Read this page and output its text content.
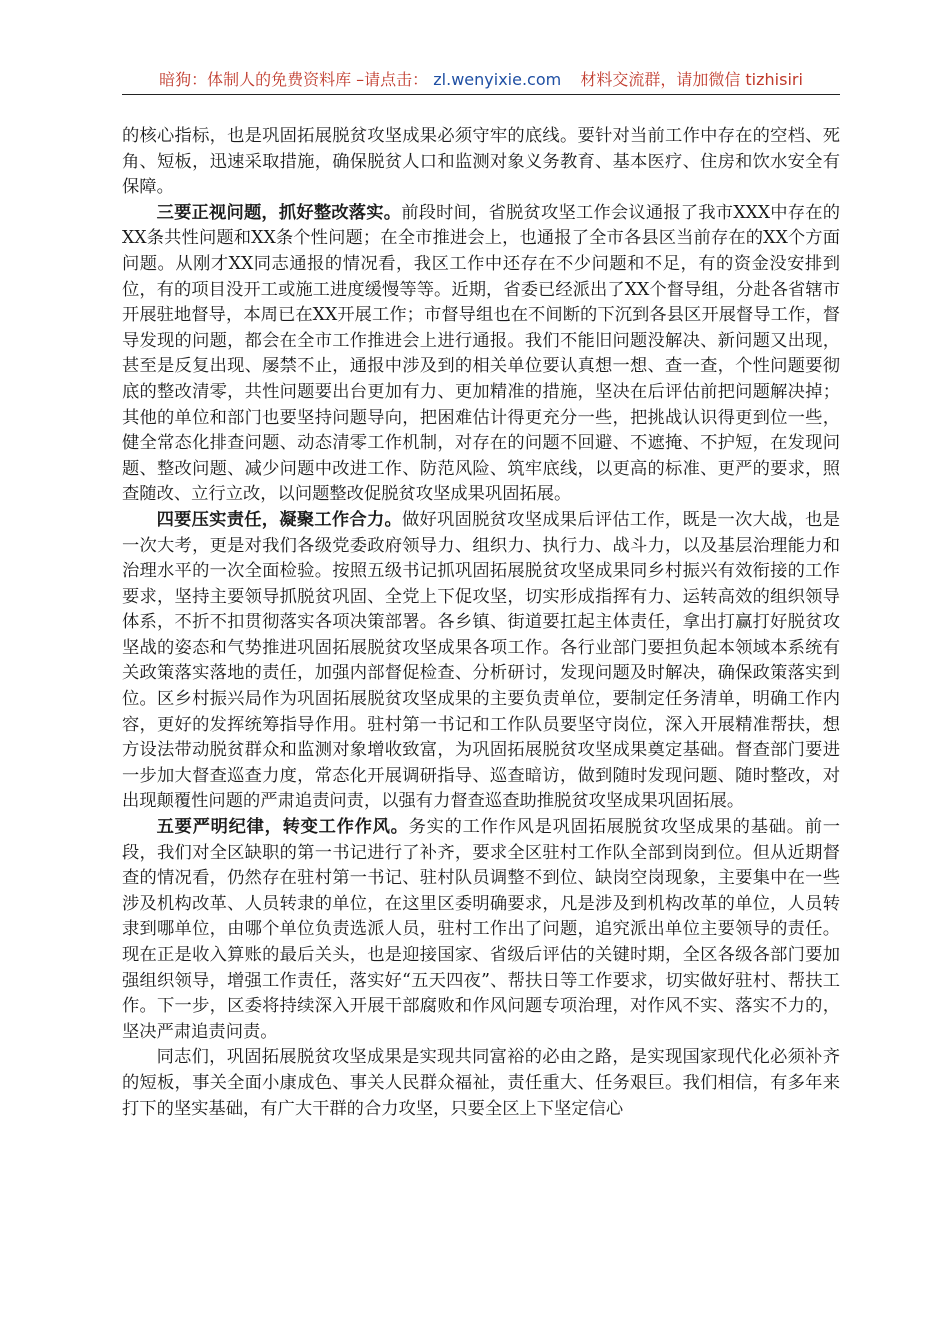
暗狗：体制人的免费资料库 –请点击： zl.wenyixie.com 材料交流群，请加微信 tizhisiri

的核心指标，也是巩固拓展脱贫攻坚成果必须守牢的底线。要针对当前工作中存在的空档、死角、短板，迅速采取措施，确保脱贫人口和监测对象义务教育、基本医疗、住房和饮水安全有保障。

三要正视问题，抓好整改落实。前段时间，省脱贫攻坚工作会议通报了我市XXX中存在的XX条共性问题和XX条个性问题；在全市推进会上，也通报了全市各县区当前存在的XX个方面问题。从刚才XX同志通报的情况看，我区工作中还存在不少问题和不足，有的资金没安排到位，有的项目没开工或施工进度缓慢等等。近期，省委已经派出了XX个督导组，分赴各省辖市开展驻地督导，本周已在XX开展工作；市督导组也在不间断的下沉到各县区开展督导工作，督导发现的问题，都会在全市工作推进会上进行通报。我们不能旧问题没解决、新问题又出现，甚至是反复出现、屡禁不止，通报中涉及到的相关单位要认真想一想、查一查，个性问题要彻底的整改清零，共性问题要出台更加有力、更加精准的措施，坚决在后评估前把问题解决掉；其他的单位和部门也要坚持问题导向，把困难估计得更充分一些，把挑战认识得更到位一些，健全常态化排查问题、动态清零工作机制，对存在的问题不回避、不遮掩、不护短，在发现问题、整改问题、减少问题中改进工作、防范风险、筑牢底线，以更高的标准、更严的要求，照查随改、立行立改，以问题整改促脱贫攻坚成果巩固拓展。

四要压实责任，凝聚工作合力。做好巩固脱贫攻坚成果后评估工作，既是一次大战，也是一次大考，更是对我们各级党委政府领导力、组织力、执行力、战斗力，以及基层治理能力和治理水平的一次全面检验。按照五级书记抓巩固拓展脱贫攻坚成果同乡村振兴有效衔接的工作要求，坚持主要领导抓脱贫巩固、全党上下促攻坚，切实形成指挥有力、运转高效的组织领导体系，不折不扣贯彻落实各项决策部署。各乡镇、街道要扛起主体责任，拿出打赢打好脱贫攻坚战的姿态和气势推进巩固拓展脱贫攻坚成果各项工作。各行业部门要担负起本领域本系统有关政策落实落地的责任，加强内部督促检查、分析研讨，发现问题及时解决，确保政策落实到位。区乡村振兴局作为巩固拓展脱贫攻坚成果的主要负责单位，要制定任务清单，明确工作内容，更好的发挥统筹指导作用。驻村第一书记和工作队员要坚守岗位，深入开展精准帮扶，想方设法带动脱贫群众和监测对象增收致富，为巩固拓展脱贫攻坚成果奠定基础。督查部门要进一步加大督查巡查力度，常态化开展调研指导、巡查暗访，做到随时发现问题、随时整改，对出现颠覆性问题的严肃追责问责，以强有力督查巡查助推脱贫攻坚成果巩固拓展。

五要严明纪律，转变工作作风。务实的工作作风是巩固拓展脱贫攻坚成果的基础。前一段，我们对全区缺职的第一书记进行了补齐，要求全区驻村工作队全部到岗到位。但从近期督查的情况看，仍然存在驻村第一书记、驻村队员调整不到位、缺岗空岗现象，主要集中在一些涉及机构改革、人员转隶的单位，在这里区委明确要求，凡是涉及到机构改革的单位，人员转隶到哪单位，由哪个单位负责选派人员，驻村工作出了问题，追究派出单位主要领导的责任。现在正是收入算账的最后关头，也是迎接国家、省级后评估的关键时期，全区各级各部门要加强组织领导，增强工作责任，落实好“五天四夜”、帮扶日等工作要求，切实做好驻村、帮扶工作。下一步，区委将持续深入开展干部腐败和作风问题专项治理，对作风不实、落实不力的，坚决严肃追责问责。

同志们，巩固拓展脱贫攻坚成果是实现共同富裕的必由之路，是实现国家现代化必须补齐的短板，事关全面小康成色、事关人民群众福祉，责任重大、任务艰巨。我们相信，有多年来打下的坚实基础，有广大干群的合力攻坚，只要全区上下坚定信心
